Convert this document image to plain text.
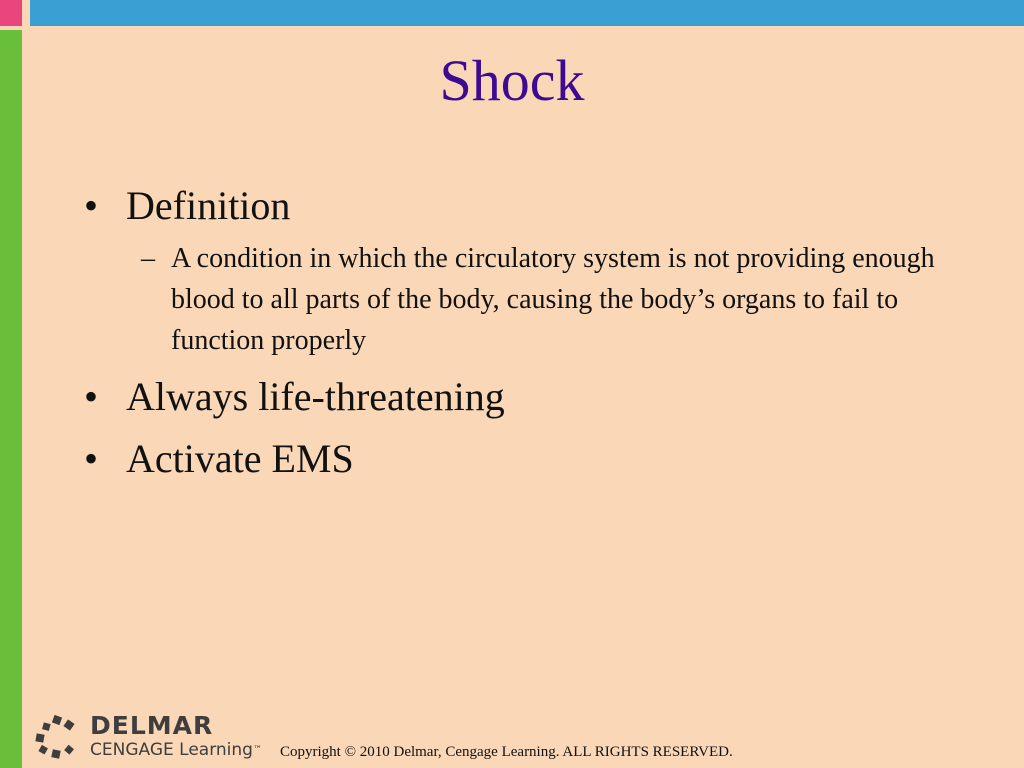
Shock
• Definition
– A condition in which the circulatory system is not providing enough blood to all parts of the body, causing the body’s organs to fail to function properly
• Always life-threatening
• Activate EMS
DELMAR
CENGAGE Learning™ Copyright © 2010 Delmar, Cengage Learning. ALL RIGHTS RESERVED.
